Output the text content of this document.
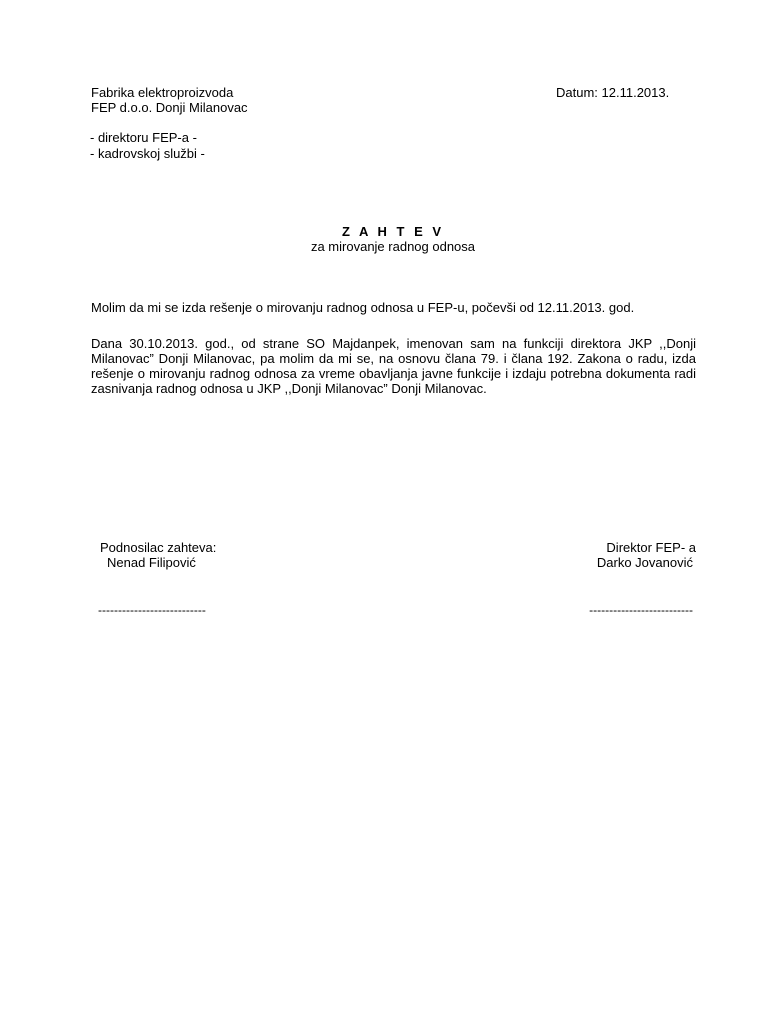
Fabrika elektroproizvoda
FEP d.o.o. Donji Milanovac
Datum: 12.11.2013.
- direktoru FEP-a -
- kadrovskoj službi -
Z A H T E V
za mirovanje radnog odnosa
Molim da mi se izda rešenje o mirovanju radnog odnosa u FEP-u, počevši od 12.11.2013. god.
Dana 30.10.2013. god., od strane SO Majdanpek, imenovan sam na funkciji direktora JKP ,,Donji Milanovac” Donji Milanovac, pa molim da mi se, na osnovu člana 79. i člana 192. Zakona o radu, izda rešenje o mirovanju radnog odnosa za vreme obavljanja javne funkcije i izdaju potrebna dokumenta radi zasnivanja radnog odnosa u JKP ,,Donji Milanovac” Donji Milanovac.
Podnosilac zahteva:
Nenad Filipović
---------------------------
Direktor FEP- a
Darko Jovanović
--------------------------
